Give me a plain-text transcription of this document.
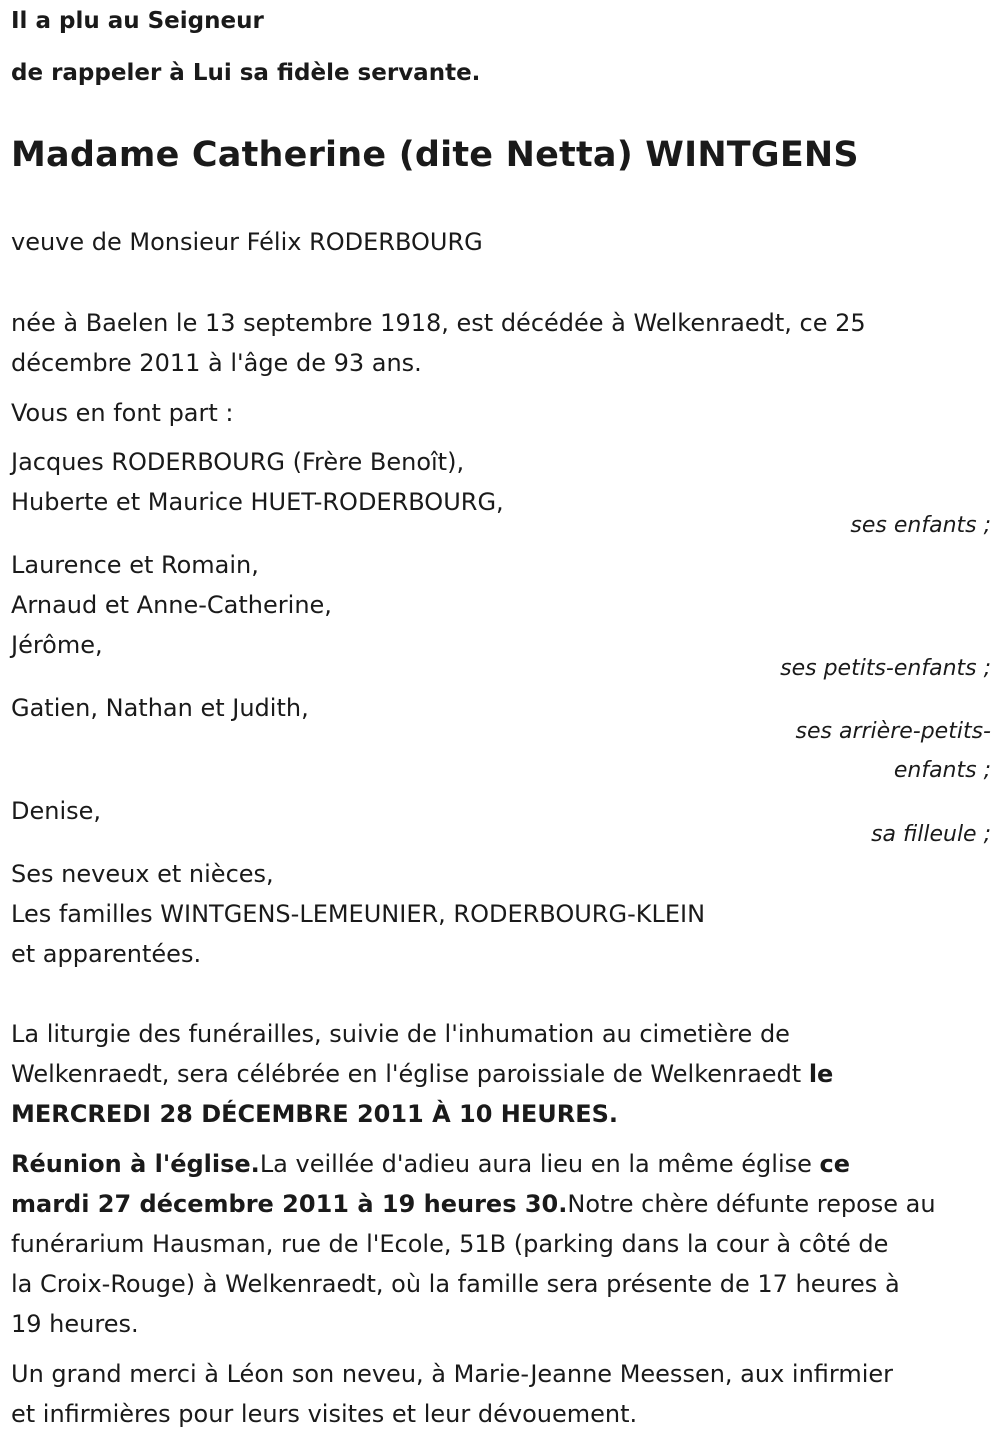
Il a plu au Seigneur

de rappeler à Lui sa fidèle servante.

Madame Catherine (dite Netta) WINTGENS

veuve de Monsieur Félix RODERBOURG

née à Baelen le 13 septembre 1918, est décédée à Welkenraedt, ce 25
décembre 2011 à l'âge de 93 ans.

Vous en font part :

Jacques RODERBOURG (Frère Benoît),
Huberte et Maurice HUET-RODERBOURG,

ses enfants ;

Laurence et Romain,
Arnaud et Anne-Catherine,
Jérôme,

ses petits-enfants ;

Gatien, Nathan et Judith,
ses arrière-petits-
enfants ;
Denise,

sa filleule ;

Ses neveux et nièces,
Les familles WINTGENS-LEMEUNIER, RODERBOURG-KLEIN
et apparentées.
La liturgie des funérailles, suivie de l'inhumation au cimetière de
Welkenraedt, sera célébrée en l'église paroissiale de Welkenraedt le
MERCREDI 28 DÉCEMBRE 2011 À 10 HEURES.
Réunion à l'église.La veillée d'adieu aura lieu en la même église ce
mardi 27 décembre 2011 à 19 heures 30.Notre chère défunte repose au
funérarium Hausman, rue de l'Ecole, 51B (parking dans la cour à côté de
la Croix-Rouge) à Welkenraedt, où la famille sera présente de 17 heures à
19 heures.
Un grand merci à Léon son neveu, à Marie-Jeanne Meessen, aux infirmier
et infirmières pour leurs visites et leur dévouement.
